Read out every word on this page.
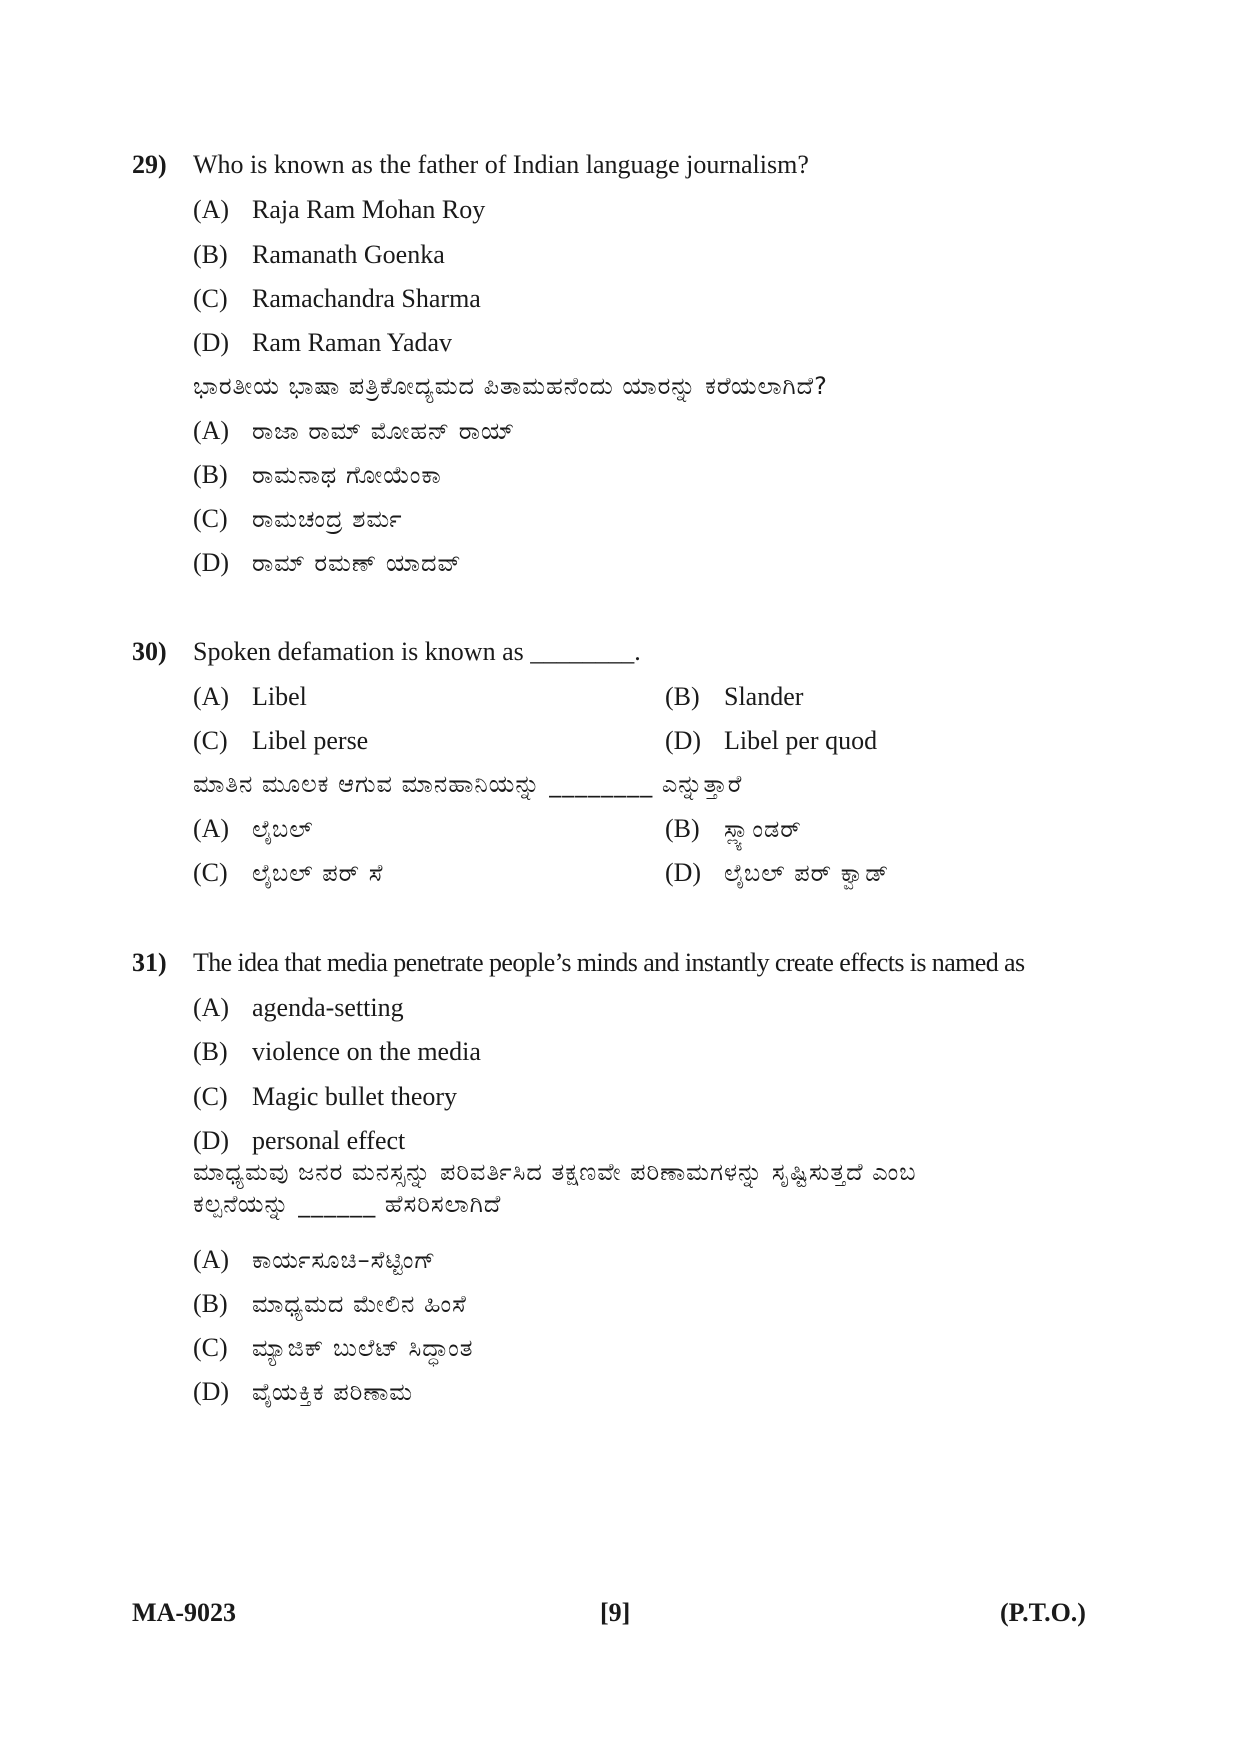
29) Who is known as the father of Indian language journalism?
(A) Raja Ram Mohan Roy
(B) Ramanath Goenka
(C) Ramachandra Sharma
(D) Ram Raman Yadav
ಭಾರತೀಯ ಭಾಷಾ ಪತ್ರಿಕೋದ್ಯಮದ ಪಿತಾಮಹನೆಂದು ಯಾರನ್ನು ಕರೆಯಲಾಗಿದೆ?
(A) ರಾಜಾ ರಾಮ್ ಮೋಹನ್ ರಾಯ್
(B) ರಾಮನಾಥ ಗೋಯೆಂಕಾ
(C) ರಾಮಚಂದ್ರ ಶರ್ಮ
(D) ರಾಮ್ ರಮಣ್ ಯಾದವ್
30) Spoken defamation is known as ________.
(A) Libel	(B) Slander
(C) Libel perse	(D) Libel per quod
ಮಾತಿನ ಮೂಲಕ ಆಗುವ ಮಾನಹಾನಿಯನ್ನು ________ ಎನ್ನುತ್ತಾರೆ
(A) ಲೈಬಲ್	(B) ಸ್ಲ್ಯಾಂಡರ್
(C) ಲೈಬಲ್ ಪರ್ ಸೆ	(D) ಲೈಬಲ್ ಪರ್ ಕ್ವಾಡ್
31) The idea that media penetrate people’s minds and instantly create effects is named as
(A) agenda-setting
(B) violence on the media
(C) Magic bullet theory
(D) personal effect
ಮಾಧ್ಯಮವು ಜನರ ಮನಸ್ಸನ್ನು ಪರಿವರ್ತಿಸಿದ ತಕ್ಷಣವೇ ಪರಿಣಾಮಗಳನ್ನು ಸೃಷ್ಟಿಸುತ್ತದೆ ಎಂಬ
ಕಲ್ಪನೆಯನ್ನು ______ ಹೆಸರಿಸಲಾಗಿದೆ
(A) ಕಾರ್ಯಸೂಚಿ–ಸೆಟ್ಟಿಂಗ್
(B) ಮಾಧ್ಯಮದ ಮೇಲಿನ ಹಿಂಸೆ
(C) ಮ್ಯಾಜಿಕ್ ಬುಲೆಟ್ ಸಿದ್ಧಾಂತ
(D) ವೈಯಕ್ತಿಕ ಪರಿಣಾಮ
MA-9023	[9]	(P.T.O.)
